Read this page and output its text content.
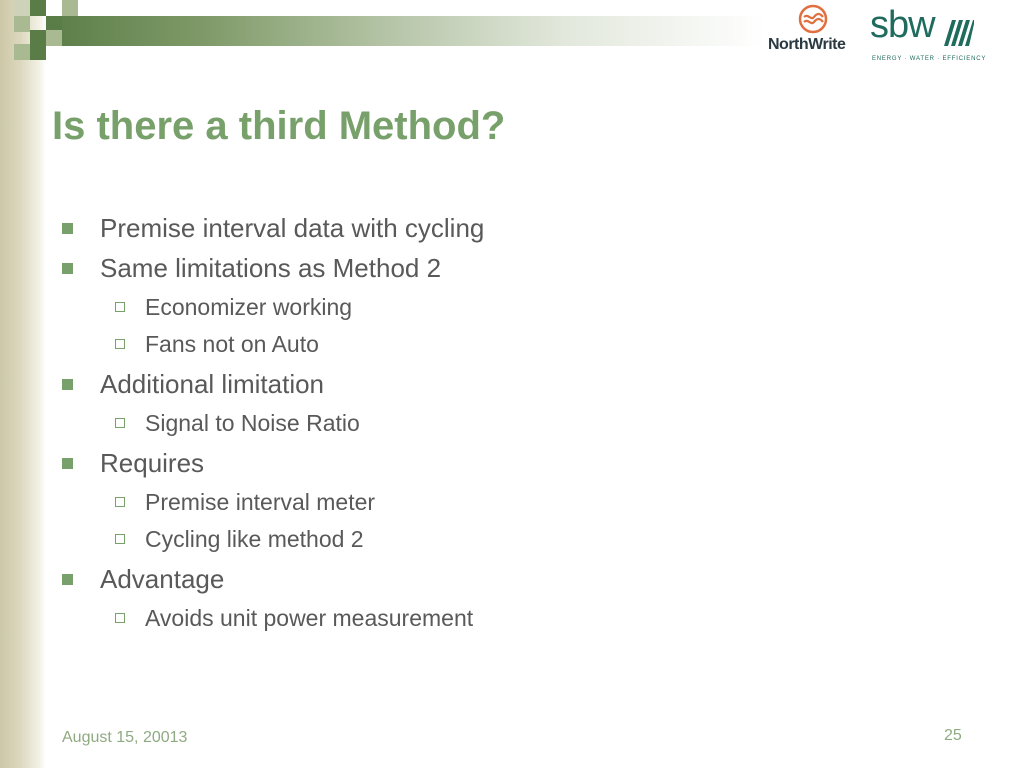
NorthWrite sbw
ENERGY · WATER · EFFICIENCY
Is there a third Method?
Premise interval data with cycling
Same limitations as Method 2
Economizer working
Fans not on Auto
Additional limitation
Signal to Noise Ratio
Requires
Premise interval meter
Cycling like method 2
Advantage
Avoids unit power measurement
August 15, 20013	25
